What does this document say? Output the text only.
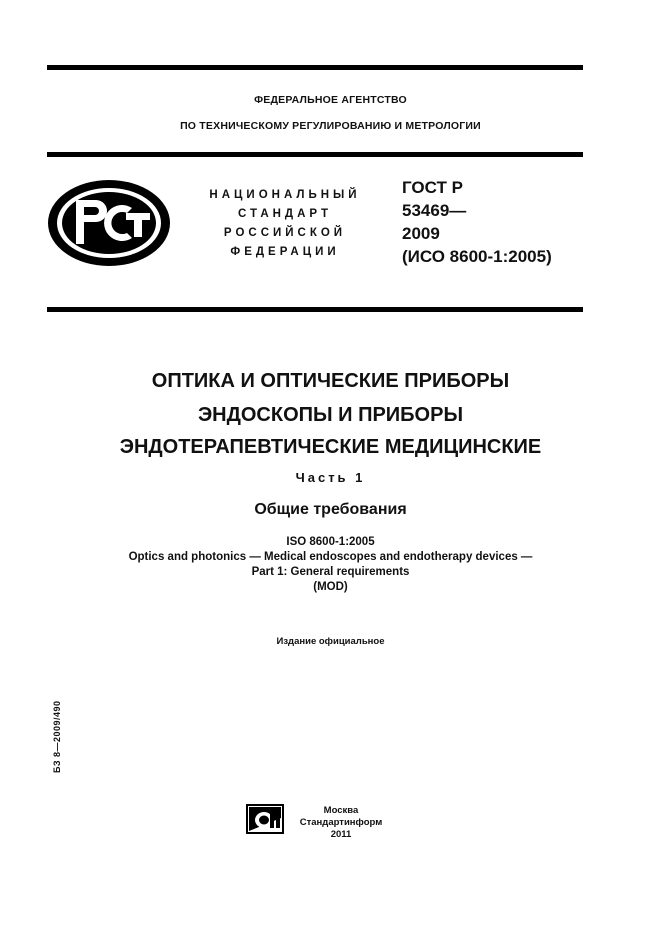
ФЕДЕРАЛЬНОЕ АГЕНТСТВО
ПО ТЕХНИЧЕСКОМУ РЕГУЛИРОВАНИЮ И МЕТРОЛОГИИ
НАЦИОНАЛЬНЫЙ
СТАНДАРТ
РОССИЙСКОЙ
ФЕДЕРАЦИИ
ГОСТ Р
53469—
2009
(ИСО 8600-1:2005)
ОПТИКА И ОПТИЧЕСКИЕ ПРИБОРЫ
ЭНДОСКОПЫ И ПРИБОРЫ
ЭНДОТЕРАПЕВТИЧЕСКИЕ МЕДИЦИНСКИЕ
Часть 1
Общие требования
ISO 8600-1:2005
Optics and photonics — Medical endoscopes and endotherapy devices —
Part 1: General requirements
(MOD)
Издание официальное
БЗ 8—2009/490
Москва
Стандартинформ
2011
